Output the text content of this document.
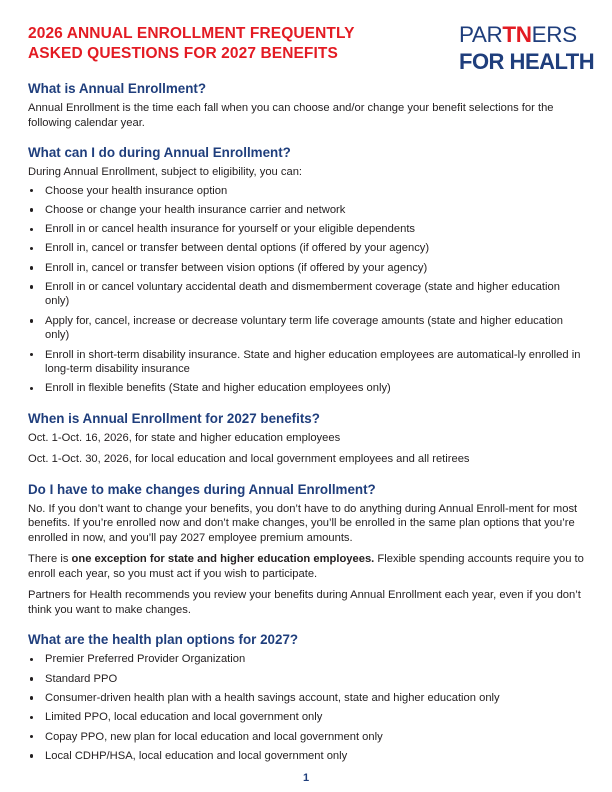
2026 ANNUAL ENROLLMENT FREQUENTLY
ASKED QUESTIONS FOR 2027 BENEFITS
PARTNERS
FOR HEALTH
What is Annual Enrollment?

Annual Enrollment is the time each fall when you can choose and/or change your benefit selections for the following calendar year.

What can I do during Annual Enrollment?

During Annual Enrollment, subject to eligibility, you can:

Choose your health insurance option
Choose or change your health insurance carrier and network
Enroll in or cancel health insurance for yourself or your eligible dependents
Enroll in, cancel or transfer between dental options (if offered by your agency)
Enroll in, cancel or transfer between vision options (if offered by your agency)
Enroll in or cancel voluntary accidental death and dismemberment coverage (state and higher education only)
Apply for, cancel, increase or decrease voluntary term life coverage amounts (state and higher education only)
Enroll in short-term disability insurance. State and higher education employees are automatical-ly enrolled in long-term disability insurance
Enroll in flexible benefits (State and higher education employees only)
When is Annual Enrollment for 2027 benefits?

Oct. 1-Oct. 16, 2026, for state and higher education employees

Oct. 1-Oct. 30, 2026, for local education and local government employees and all retirees

Do I have to make changes during Annual Enrollment?

No. If you don’t want to change your benefits, you don’t have to do anything during Annual Enroll-ment for most benefits. If you’re enrolled now and don’t make changes, you’ll be enrolled in the same plan options that you’re enrolled in now, and you’ll pay 2027 employee premium amounts.

There is one exception for state and higher education employees. Flexible spending accounts require you to enroll each year, so you must act if you wish to participate.

Partners for Health recommends you review your benefits during Annual Enrollment each year, even if you don’t think you want to make changes.

What are the health plan options for 2027?
Premier Preferred Provider Organization
Standard PPO
Consumer-driven health plan with a health savings account, state and higher education only
Limited PPO, local education and local government only
Copay PPO, new plan for local education and local government only
Local CDHP/HSA, local education and local government only
1
